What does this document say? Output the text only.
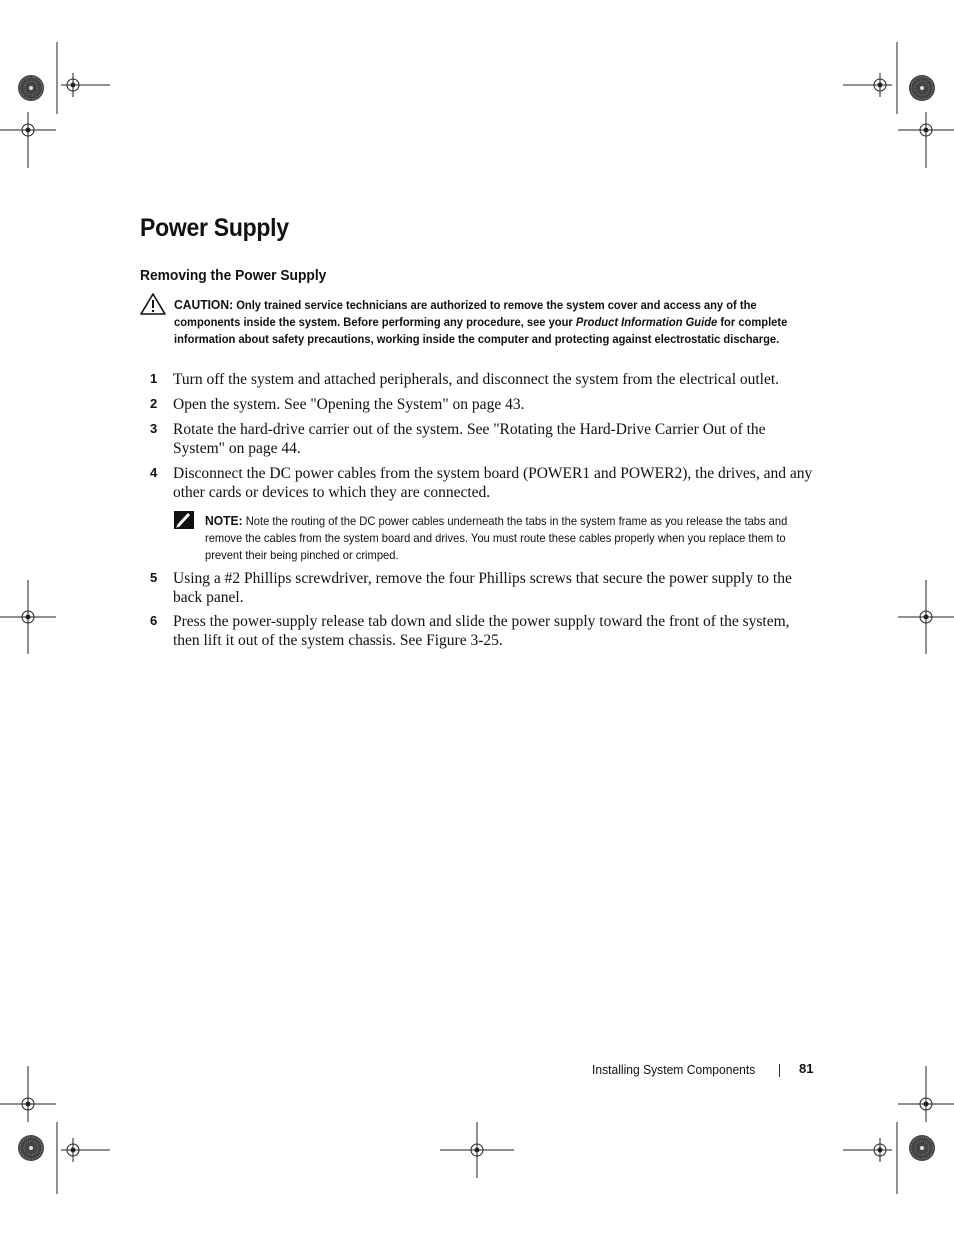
Power Supply
Removing the Power Supply
CAUTION: Only trained service technicians are authorized to remove the system cover and access any of the components inside the system. Before performing any procedure, see your Product Information Guide for complete information about safety precautions, working inside the computer and protecting against electrostatic discharge.
1 Turn off the system and attached peripherals, and disconnect the system from the electrical outlet.
2 Open the system. See "Opening the System" on page 43.
3 Rotate the hard-drive carrier out of the system. See "Rotating the Hard-Drive Carrier Out of the System" on page 44.
4 Disconnect the DC power cables from the system board (POWER1 and POWER2), the drives, and any other cards or devices to which they are connected.
5 Using a #2 Phillips screwdriver, remove the four Phillips screws that secure the power supply to the back panel.
6 Press the power-supply release tab down and slide the power supply toward the front of the system, then lift it out of the system chassis. See Figure 3-25.
NOTE: Note the routing of the DC power cables underneath the tabs in the system frame as you release the tabs and remove the cables from the system board and drives. You must route these cables properly when you replace them to prevent their being pinched or crimped.
Installing System Components	81
